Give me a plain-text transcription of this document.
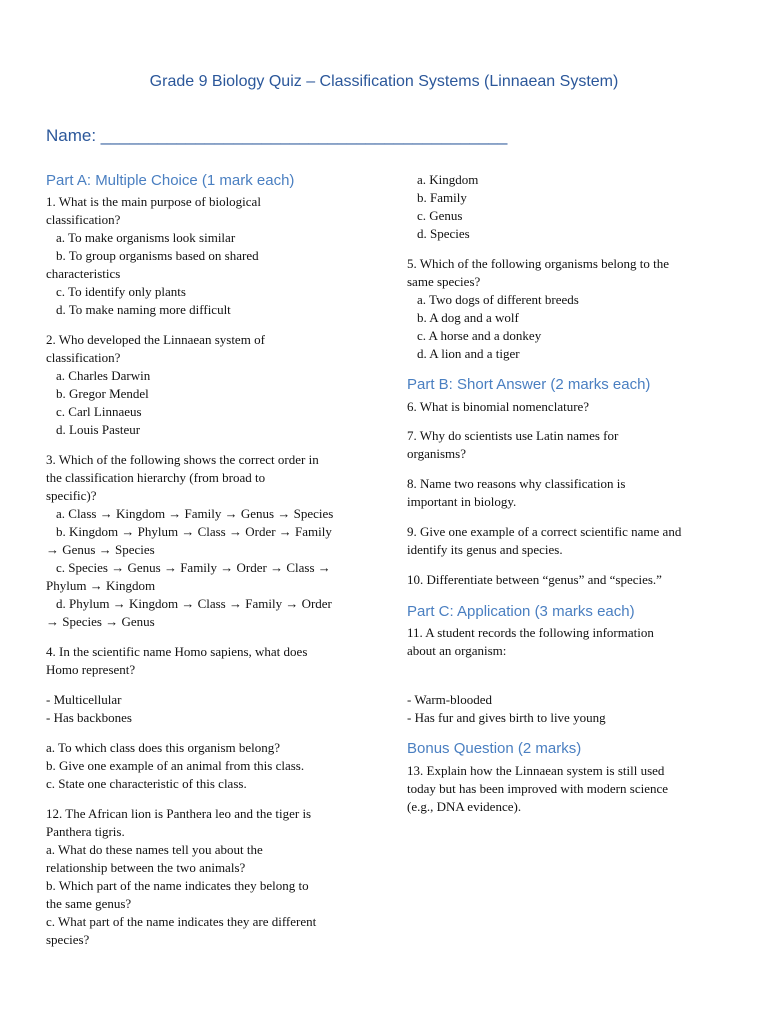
Grade 9 Biology Quiz – Classification Systems (Linnaean System)
Name: ___________________________________________
Part A: Multiple Choice (1 mark each)
1. What is the main purpose of biological
classification?
a. To make organisms look similar
b. To group organisms based on shared
characteristics
c. To identify only plants
d. To make naming more difficult
2. Who developed the Linnaean system of
classification?
a. Charles Darwin
b. Gregor Mendel
c. Carl Linnaeus
d. Louis Pasteur
3. Which of the following shows the correct order in
the classification hierarchy (from broad to
specific)?
a. Class → Kingdom → Family → Genus → Species
b. Kingdom → Phylum → Class → Order → Family
→ Genus → Species
c. Species → Genus → Family → Order → Class →
Phylum → Kingdom
d. Phylum → Kingdom → Class → Family → Order
→ Species → Genus
4. In the scientific name Homo sapiens, what does
Homo represent?
- Multicellular
- Has backbones
a. To which class does this organism belong?
b. Give one example of an animal from this class.
c. State one characteristic of this class.
12. The African lion is Panthera leo and the tiger is
Panthera tigris.
a. What do these names tell you about the
relationship between the two animals?
b. Which part of the name indicates they belong to
the same genus?
c. What part of the name indicates they are different
species?
a. Kingdom
b. Family
c. Genus
d. Species
5. Which of the following organisms belong to the
same species?
a. Two dogs of different breeds
b. A dog and a wolf
c. A horse and a donkey
d. A lion and a tiger
Part B: Short Answer (2 marks each)
6. What is binomial nomenclature?
7. Why do scientists use Latin names for
organisms?
8. Name two reasons why classification is
important in biology.
9. Give one example of a correct scientific name and
identify its genus and species.
10. Differentiate between “genus” and “species.”
Part C: Application (3 marks each)
11. A student records the following information
about an organism:
- Warm-blooded
- Has fur and gives birth to live young
Bonus Question (2 marks)
13. Explain how the Linnaean system is still used
today but has been improved with modern science
(e.g., DNA evidence).
